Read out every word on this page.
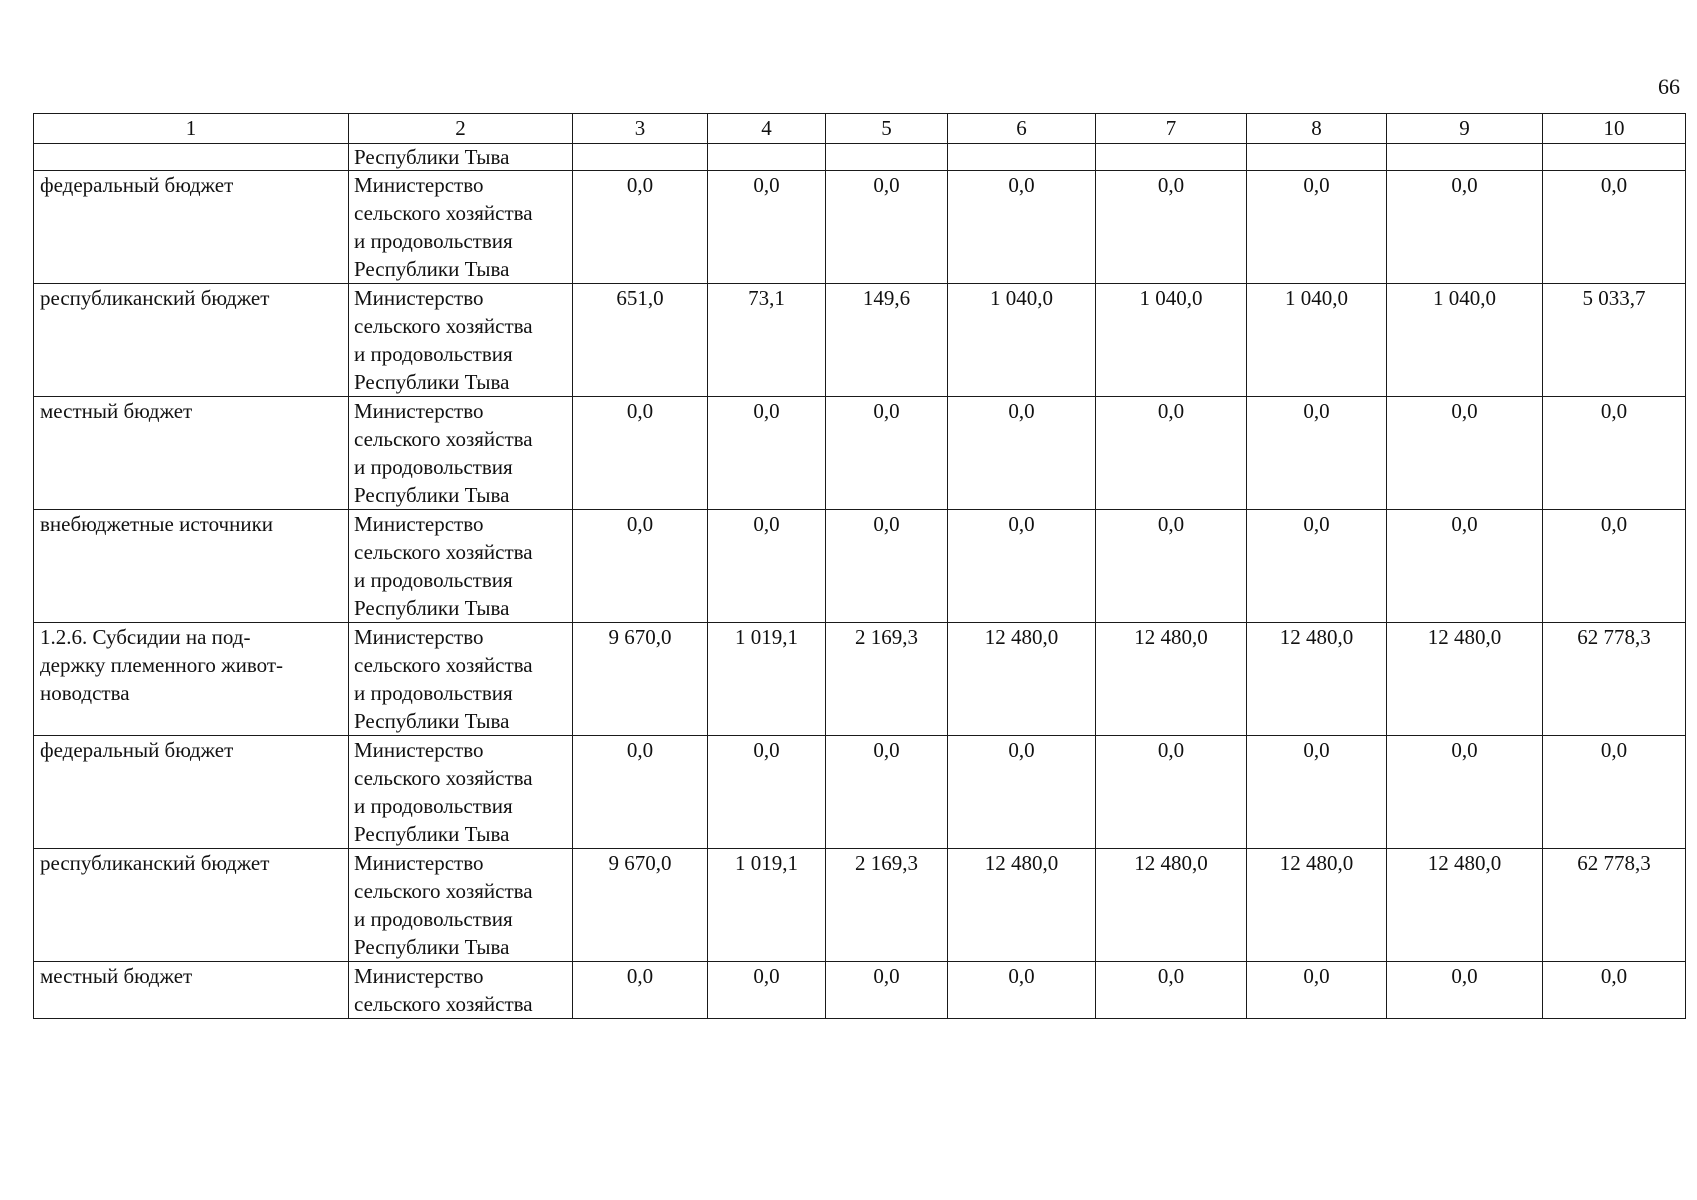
66
1	2	3	4	5	6	7	8	9	10
	Республики Тыва								
федеральный бюджет	Министерство
сельского хозяйства
и продовольствия
Республики Тыва	0,0	0,0	0,0	0,0	0,0	0,0	0,0	0,0
республиканский бюджет	Министерство
сельского хозяйства
и продовольствия
Республики Тыва	651,0	73,1	149,6	1 040,0	1 040,0	1 040,0	1 040,0	5 033,7
местный бюджет	Министерство
сельского хозяйства
и продовольствия
Республики Тыва	0,0	0,0	0,0	0,0	0,0	0,0	0,0	0,0
внебюджетные источники	Министерство
сельского хозяйства
и продовольствия
Республики Тыва	0,0	0,0	0,0	0,0	0,0	0,0	0,0	0,0
1.2.6. Субсидии на под-
держку племенного живот-
новодства	Министерство
сельского хозяйства
и продовольствия
Республики Тыва	9 670,0	1 019,1	2 169,3	12 480,0	12 480,0	12 480,0	12 480,0	62 778,3
федеральный бюджет	Министерство
сельского хозяйства
и продовольствия
Республики Тыва	0,0	0,0	0,0	0,0	0,0	0,0	0,0	0,0
республиканский бюджет	Министерство
сельского хозяйства
и продовольствия
Республики Тыва	9 670,0	1 019,1	2 169,3	12 480,0	12 480,0	12 480,0	12 480,0	62 778,3
местный бюджет	Министерство
сельского хозяйства	0,0	0,0	0,0	0,0	0,0	0,0	0,0	0,0
